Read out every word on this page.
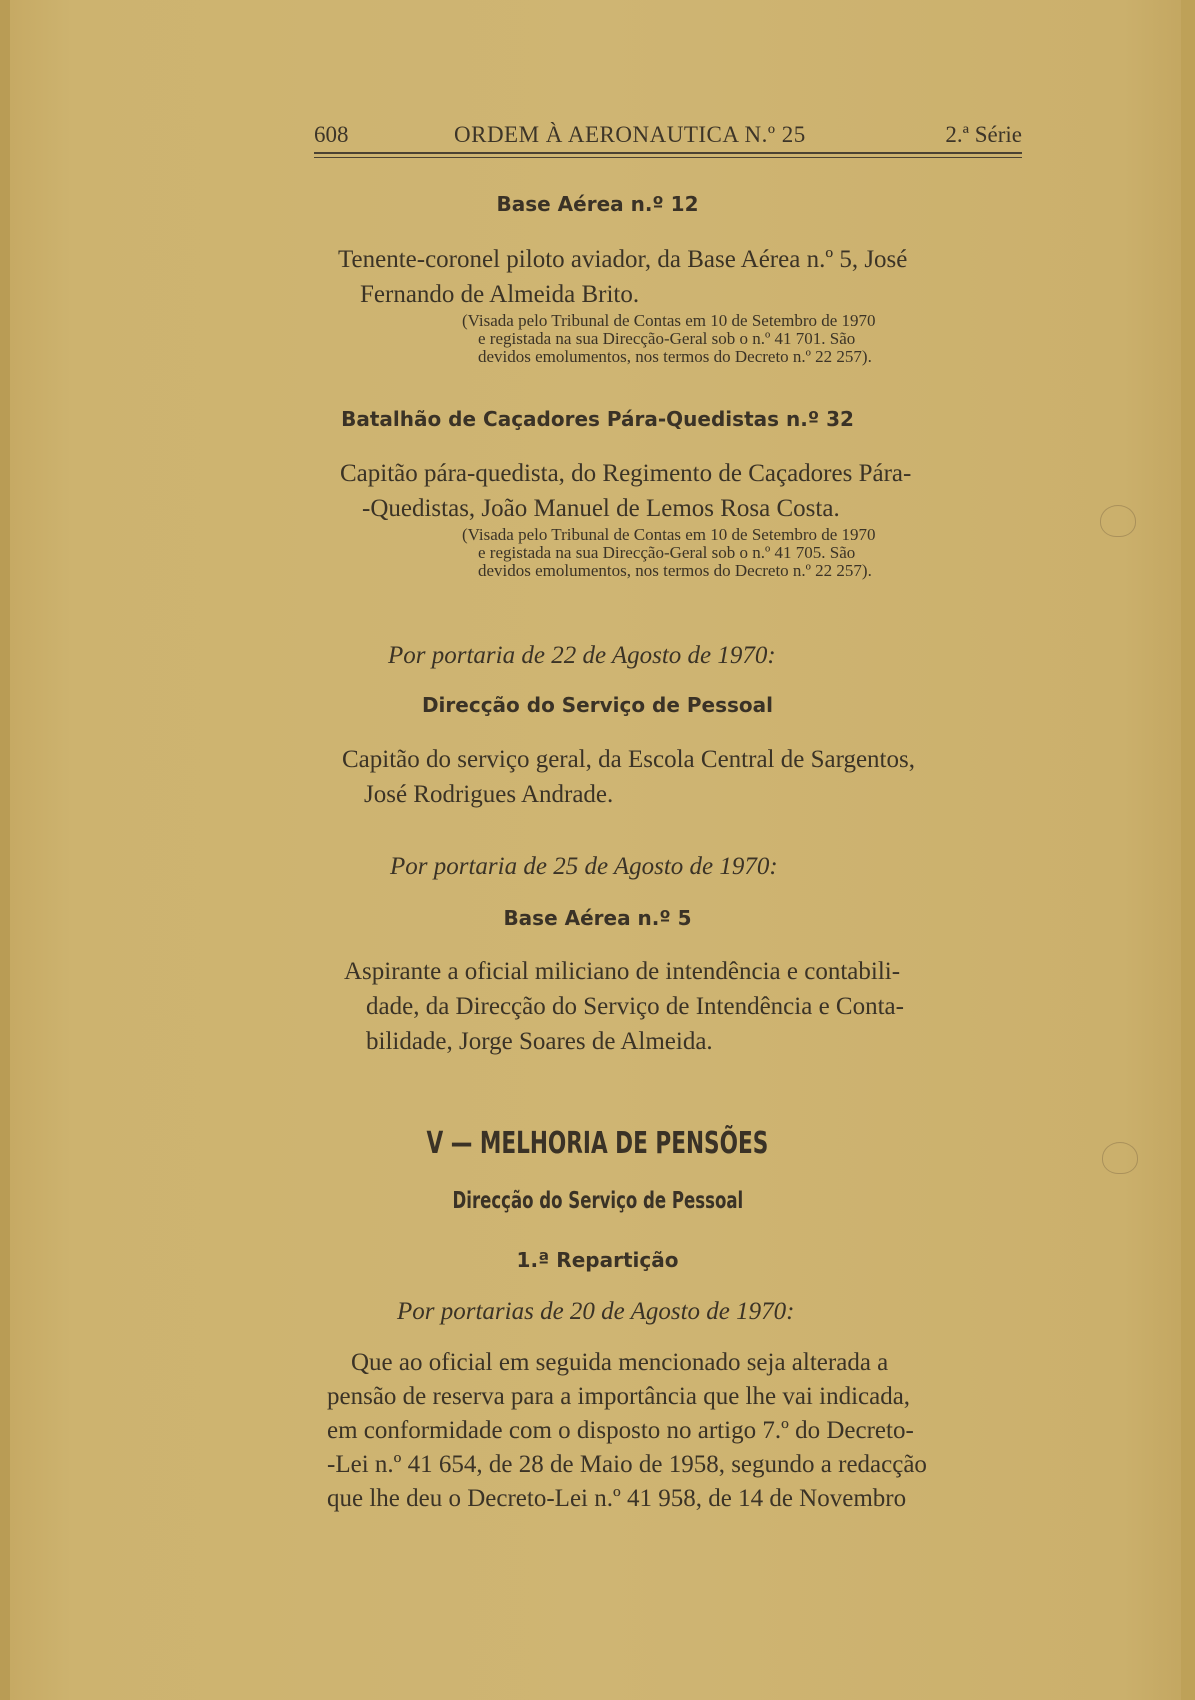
608	ORDEM À AERONAUTICA N.º 25	2.ª Série
Base Aérea n.º 12
Tenente-coronel piloto aviador, da Base Aérea n.º 5, José
Fernando de Almeida Brito.
(Visada pelo Tribunal de Contas em 10 de Setembro de 1970
e registada na sua Direcção-Geral sob o n.º 41 701. São
devidos emolumentos, nos termos do Decreto n.º 22 257).
Batalhão de Caçadores Pára-Quedistas n.º 32
Capitão pára-quedista, do Regimento de Caçadores Pára-
-Quedistas, João Manuel de Lemos Rosa Costa.
(Visada pelo Tribunal de Contas em 10 de Setembro de 1970
e registada na sua Direcção-Geral sob o n.º 41 705. São
devidos emolumentos, nos termos do Decreto n.º 22 257).
Por portaria de 22 de Agosto de 1970:
Direcção do Serviço de Pessoal
Capitão do serviço geral, da Escola Central de Sargentos,
José Rodrigues Andrade.
Por portaria de 25 de Agosto de 1970:
Base Aérea n.º 5
Aspirante a oficial miliciano de intendência e contabili-
dade, da Direcção do Serviço de Intendência e Conta-
bilidade, Jorge Soares de Almeida.
V — MELHORIA DE PENSÕES
Direcção do Serviço de Pessoal
1.ª Repartição
Por portarias de 20 de Agosto de 1970:
Que ao oficial em seguida mencionado seja alterada a
pensão de reserva para a importância que lhe vai indicada,
em conformidade com o disposto no artigo 7.º do Decreto-
-Lei n.º 41 654, de 28 de Maio de 1958, segundo a redacção
que lhe deu o Decreto-Lei n.º 41 958, de 14 de Novembro
